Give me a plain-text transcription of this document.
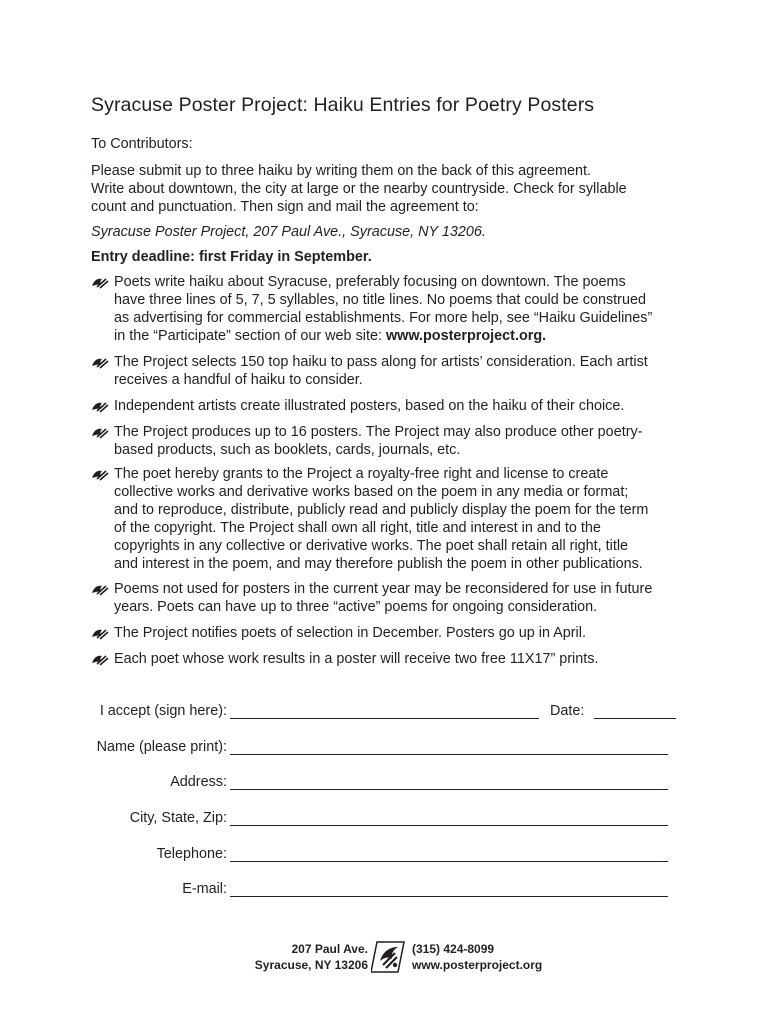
Syracuse Poster Project: Haiku Entries for Poetry Posters
To Contributors:
Please submit up to three haiku by writing them on the back of this agreement.
Write about downtown, the city at large or the nearby countryside. Check for syllable
count and punctuation. Then sign and mail the agreement to:
Syracuse Poster Project, 207 Paul Ave., Syracuse, NY 13206.
Entry deadline: first Friday in September.
Poets write haiku about Syracuse, preferably focusing on downtown. The poems
have three lines of 5, 7, 5 syllables, no title lines. No poems that could be construed
as advertising for commercial establishments. For more help, see “Haiku Guidelines”
in the “Participate” section of our web site: www.posterproject.org.
The Project selects 150 top haiku to pass along for artists’ consideration. Each artist
receives a handful of haiku to consider.
Independent artists create illustrated posters, based on the haiku of their choice.
The Project produces up to 16 posters. The Project may also produce other poetry-
based products, such as booklets, cards, journals, etc.
The poet hereby grants to the Project a royalty-free right and license to create
collective works and derivative works based on the poem in any media or format;
and to reproduce, distribute, publicly read and publicly display the poem for the term
of the copyright. The Project shall own all right, title and interest in and to the
copyrights in any collective or derivative works. The poet shall retain all right, title
and interest in the poem, and may therefore publish the poem in other publications.
Poems not used for posters in the current year may be reconsidered for use in future
years. Poets can have up to three “active” poems for ongoing consideration.
The Project notifies poets of selection in December. Posters go up in April.
Each poet whose work results in a poster will receive two free 11X17” prints.
I accept (sign here):	Date:
Name (please print):
Address:
City, State, Zip:
Telephone:
E-mail:
207 Paul Ave.
Syracuse, NY 13206
(315) 424-8099
www.posterproject.org
